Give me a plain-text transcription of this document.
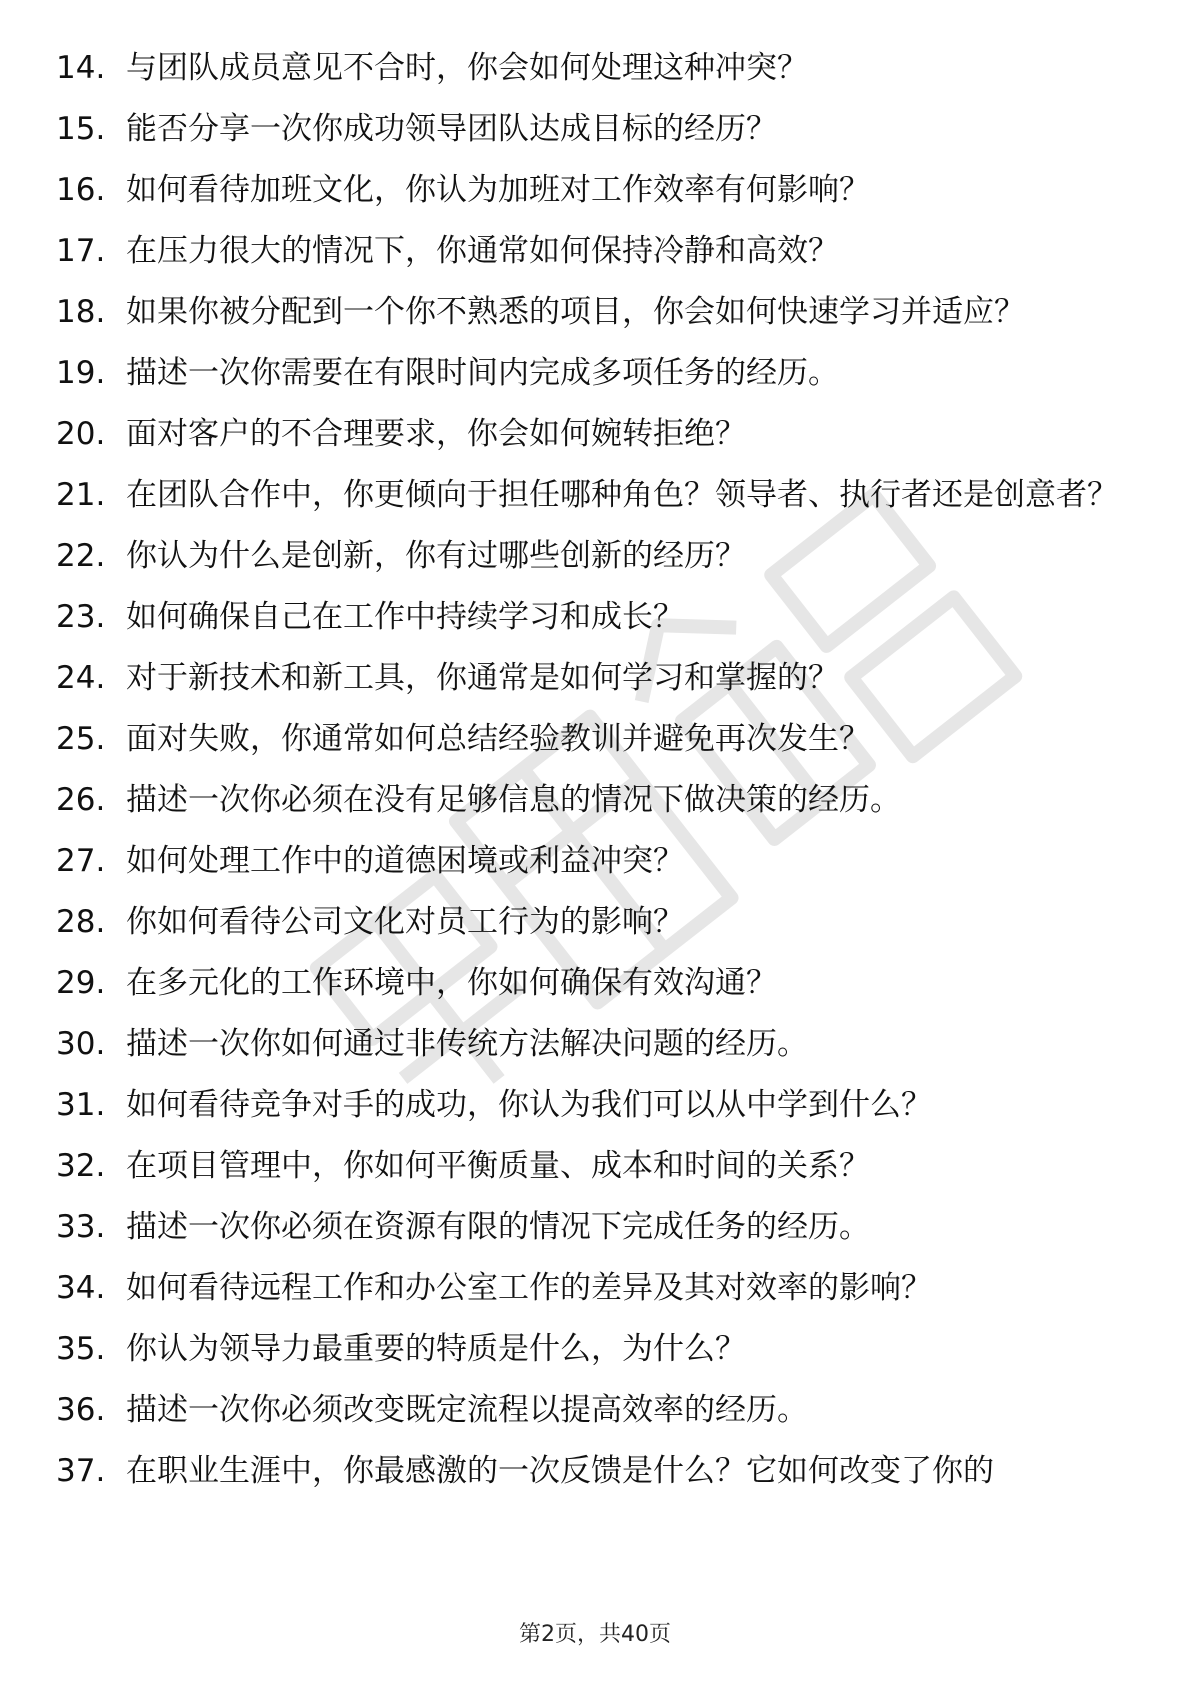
14. 与团队成员意见不合时，你会如何处理这种冲突？
15. 能否分享一次你成功领导团队达成目标的经历？
16. 如何看待加班文化，你认为加班对工作效率有何影响？
17. 在压力很大的情况下，你通常如何保持冷静和高效？
18. 如果你被分配到一个你不熟悉的项目，你会如何快速学习并适应？
19. 描述一次你需要在有限时间内完成多项任务的经历。
20. 面对客户的不合理要求，你会如何婉转拒绝？
21. 在团队合作中，你更倾向于担任哪种角色？领导者、执行者还是创意者？
22. 你认为什么是创新，你有过哪些创新的经历？
23. 如何确保自己在工作中持续学习和成长？
24. 对于新技术和新工具，你通常是如何学习和掌握的？
25. 面对失败，你通常如何总结经验教训并避免再次发生？
26. 描述一次你必须在没有足够信息的情况下做决策的经历。
27. 如何处理工作中的道德困境或利益冲突？
28. 你如何看待公司文化对员工行为的影响？
29. 在多元化的工作环境中，你如何确保有效沟通？
30. 描述一次你如何通过非传统方法解决问题的经历。
31. 如何看待竞争对手的成功，你认为我们可以从中学到什么？
32. 在项目管理中，你如何平衡质量、成本和时间的关系？
33. 描述一次你必须在资源有限的情况下完成任务的经历。
34. 如何看待远程工作和办公室工作的差异及其对效率的影响？
35. 你认为领导力最重要的特质是什么，为什么？
36. 描述一次你必须改变既定流程以提高效率的经历。
37. 在职业生涯中，你最感激的一次反馈是什么？它如何改变了你的
第2页，共40页
